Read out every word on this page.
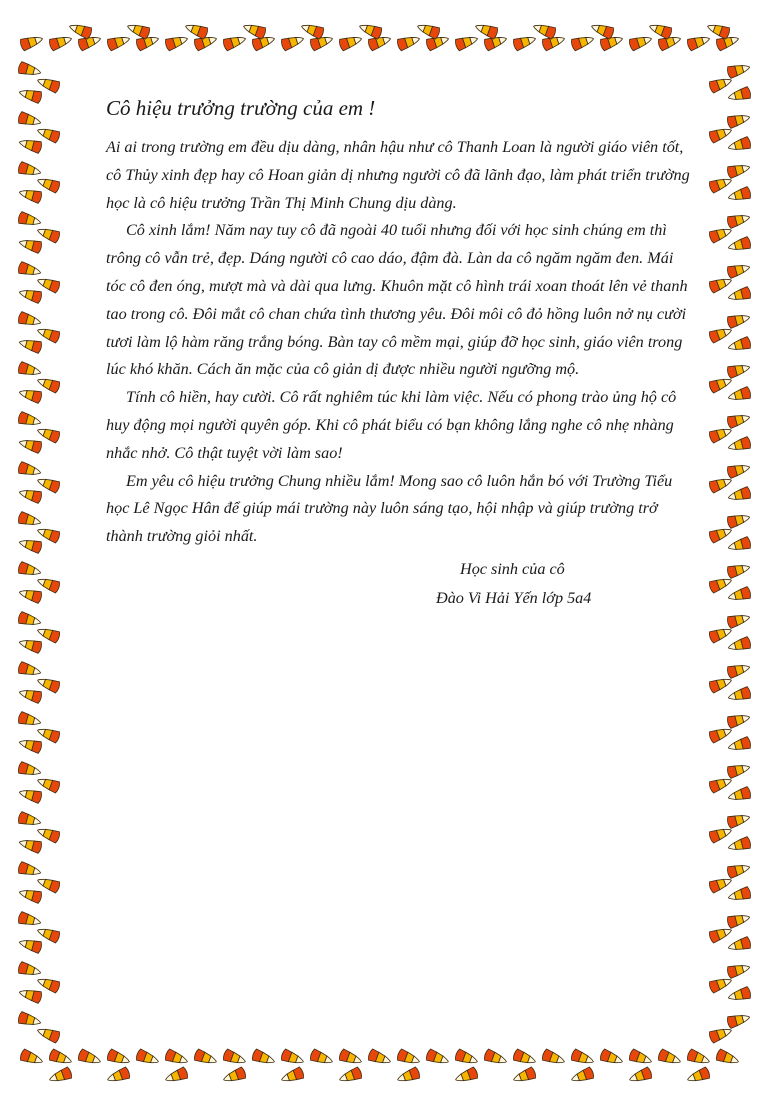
Cô hiệu trưởng trường của em !

Ai ai trong trường em đều dịu dàng, nhân hậu như cô Thanh Loan là người giáo viên tốt, cô Thủy xinh đẹp hay cô Hoan giản dị nhưng người cô đã lãnh đạo, làm phát triển trường học là cô hiệu trưởng Trần Thị Minh Chung dịu dàng.

Cô xinh lắm! Năm nay tuy cô đã ngoài 40 tuổi nhưng đối với học sinh chúng em thì trông cô vẫn trẻ, đẹp. Dáng người cô cao dáo, đậm đà. Làn da cô ngăm ngăm đen. Mái tóc cô đen óng, mượt mà và dài qua lưng. Khuôn mặt cô hình trái xoan thoát lên vẻ thanh tao trong cô. Đôi mắt cô chan chứa tình thương yêu. Đôi môi cô đỏ hồng luôn nở nụ cười tươi làm lộ hàm răng trắng bóng. Bàn tay cô mềm mại, giúp đỡ học sinh, giáo viên trong lúc khó khăn. Cách ăn mặc của cô giản dị được nhiều người ngưỡng mộ.

Tính cô hiền, hay cười. Cô rất nghiêm túc khi làm việc. Nếu có phong trào ủng hộ cô huy động mọi người quyên góp. Khi cô phát biểu có bạn không lắng nghe cô nhẹ nhàng nhắc nhở. Cô thật tuyệt vời làm sao!

Em yêu cô hiệu trưởng Chung nhiều lắm! Mong sao cô luôn hắn bó với Trường Tiểu học Lê Ngọc Hân để giúp mái trường này luôn sáng tạo, hội nhập và giúp trường trở thành trường giỏi nhất.

Học sinh của cô

Đào Vi Hải Yến lớp 5a4
